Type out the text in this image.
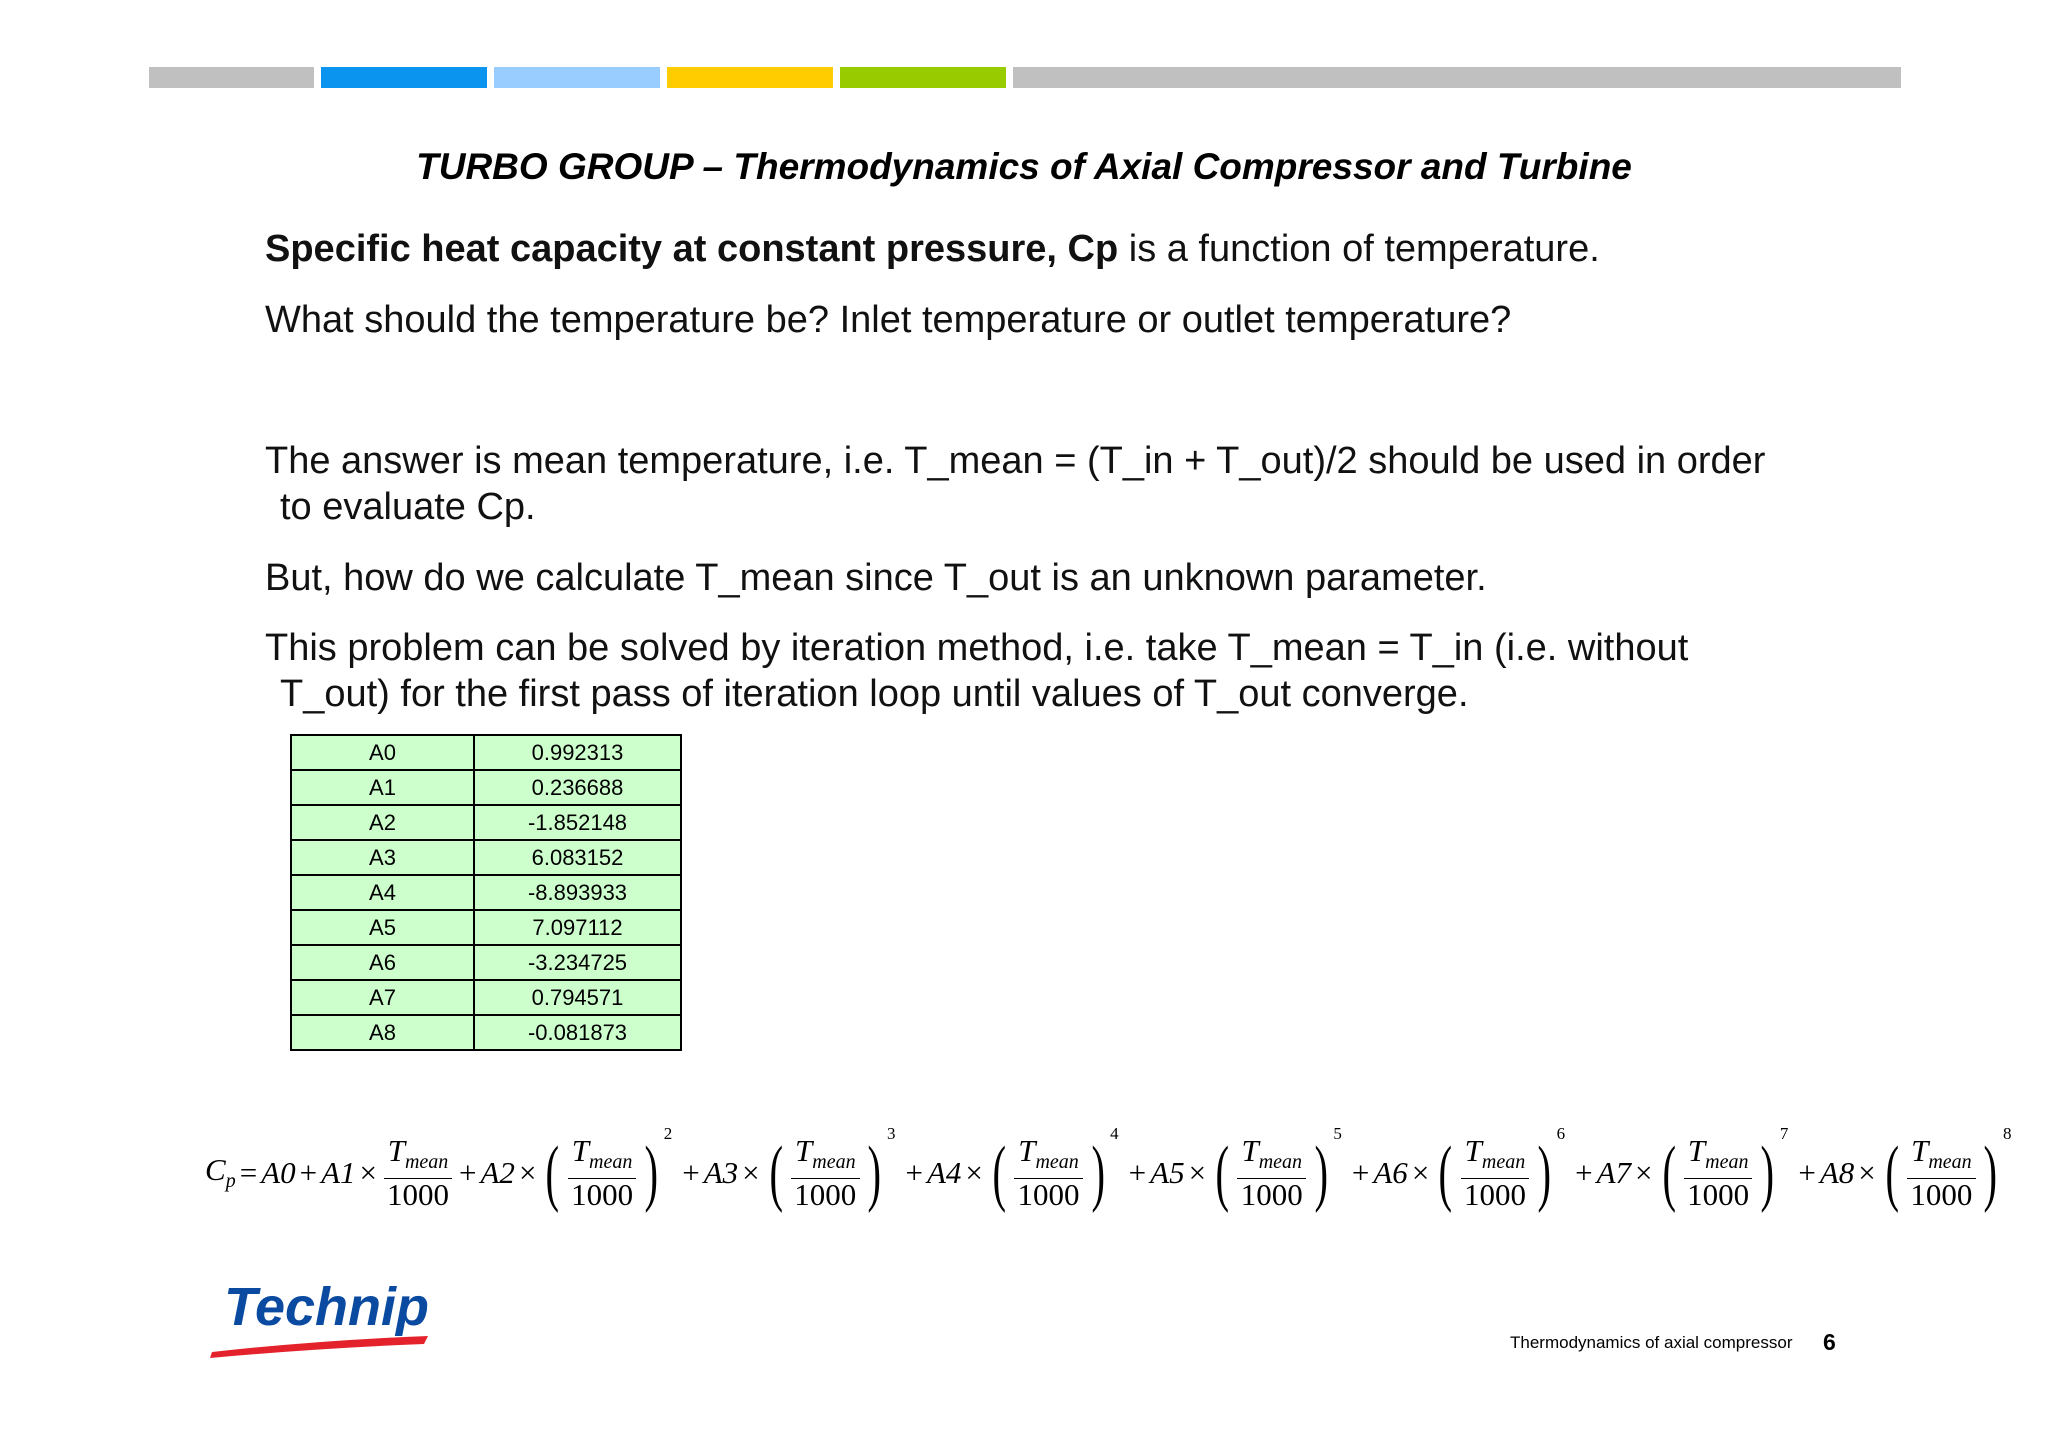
TURBO GROUP – Thermodynamics of Axial Compressor and Turbine
Specific heat capacity at constant pressure, Cp is a function of temperature.
What should the temperature be? Inlet temperature or outlet temperature?
The answer is mean temperature, i.e. T_mean = (T_in + T_out)/2 should be used in order
to evaluate Cp.
But, how do we calculate T_mean since T_out is an unknown parameter.
This problem can be solved by iteration method, i.e. take T_mean = T_in (i.e. without
T_out) for the first pass of iteration loop until values of T_out converge.
A0	0.992313
A1	0.236688
A2	-1.852148
A3	6.083152
A4	-8.893933
A5	7.097112
A6	-3.234725
A7	0.794571
A8	-0.081873
$C_p = A0 + A1 \times \frac{T_{mean}}{1000} + A2$ × ( $\frac{T_{mean}}{1000}$ ) 2
+ A3 × ( $\frac{T_{mean}}{1000}$ ) 3
+ A4 × ( $\frac{T_{mean}}{1000}$ ) 4
+ A5 × ( $\frac{T_{mean}}{1000}$ ) 5
+ A6 × ( $\frac{T_{mean}}{1000}$ ) 6
+ A7 × ( $\frac{T_{mean}}{1000}$ ) 7
+ A8 × ( $\frac{T_{mean}}{1000}$ ) 8
Technip
Thermodynamics of axial compressor 6
